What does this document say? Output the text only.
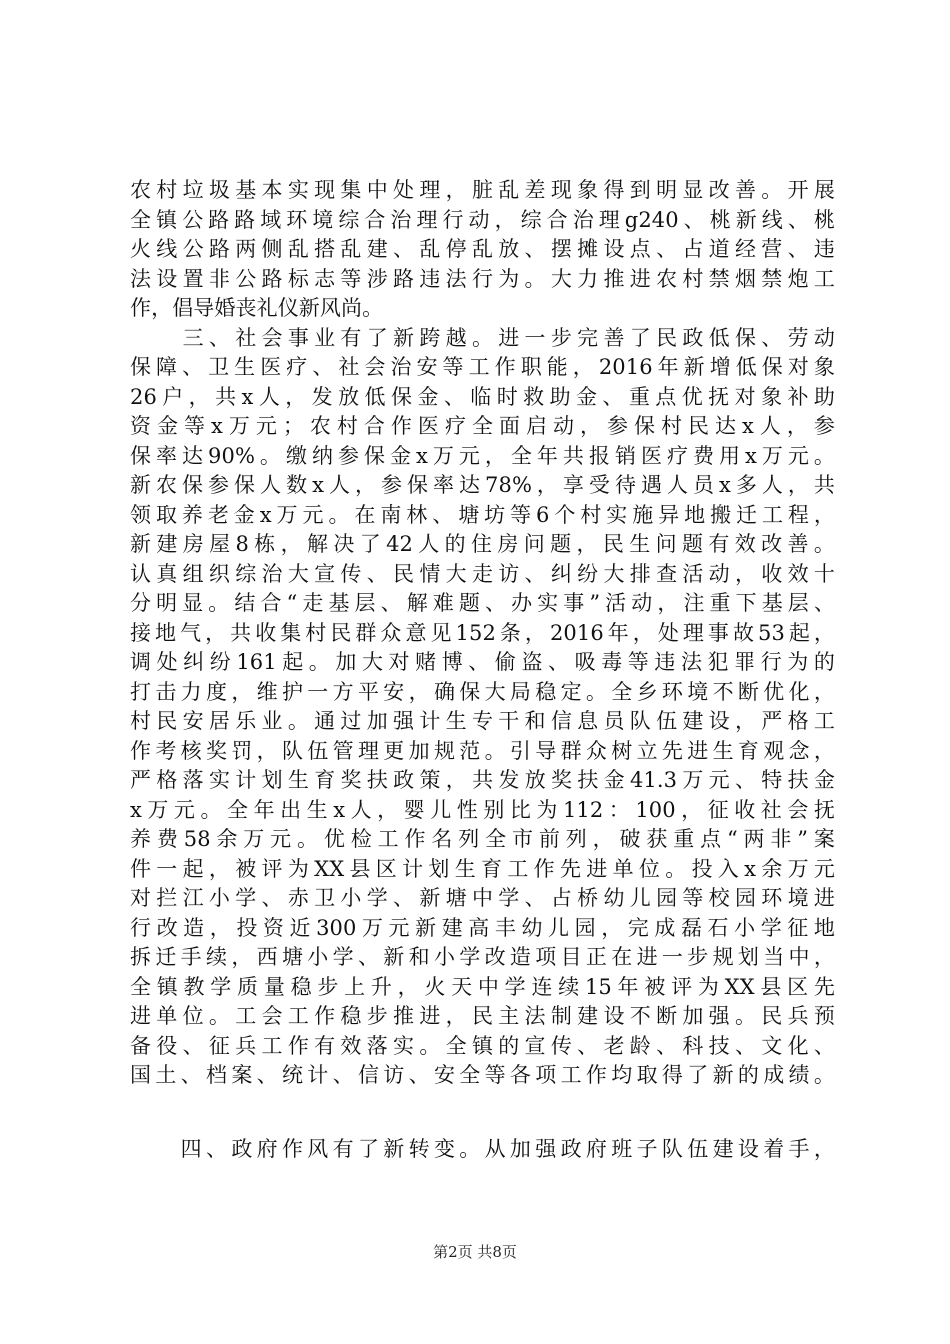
农村垃圾基本实现集中处理，脏乱差现象得到明显改善。开展
全镇公路路域环境综合治理行动，综合治理g240、桃新线、桃
火线公路两侧乱搭乱建、乱停乱放、摆摊设点、占道经营、违
法设置非公路标志等涉路违法行为。大力推进农村禁烟禁炮工
作，倡导婚丧礼仪新风尚。
　　三、社会事业有了新跨越。进一步完善了民政低保、劳动
保障、卫生医疗、社会治安等工作职能，2016年新增低保对象
26户，共x人，发放低保金、临时救助金、重点优抚对象补助
资金等x万元；农村合作医疗全面启动，参保村民达x人，参
保率达90%。缴纳参保金x万元，全年共报销医疗费用x万元。
新农保参保人数x人，参保率达78%，享受待遇人员x多人，共
领取养老金x万元。在南林、塘坊等6个村实施异地搬迁工程，
新建房屋8栋，解决了42人的住房问题，民生问题有效改善。
认真组织综治大宣传、民情大走访、纠纷大排查活动，收效十
分明显。结合“走基层、解难题、办实事”活动，注重下基层、
接地气，共收集村民群众意见152条，2016年，处理事故53起，
调处纠纷161起。加大对赌博、偷盗、吸毒等违法犯罪行为的
打击力度，维护一方平安，确保大局稳定。全乡环境不断优化，
村民安居乐业。通过加强计生专干和信息员队伍建设，严格工
作考核奖罚，队伍管理更加规范。引导群众树立先进生育观念，
严格落实计划生育奖扶政策，共发放奖扶金41.3万元、特扶金
x万元。全年出生x人，婴儿性别比为112：100，征收社会抚
养费58余万元。优检工作名列全市前列，破获重点“两非”案
件一起，被评为XX县区计划生育工作先进单位。投入x余万元
对拦江小学、赤卫小学、新塘中学、占桥幼儿园等校园环境进
行改造，投资近300万元新建高丰幼儿园，完成磊石小学征地
拆迁手续，西塘小学、新和小学改造项目正在进一步规划当中，
全镇教学质量稳步上升，火天中学连续15年被评为XX县区先
进单位。工会工作稳步推进，民主法制建设不断加强。民兵预
备役、征兵工作有效落实。全镇的宣传、老龄、科技、文化、
国土、档案、统计、信访、安全等各项工作均取得了新的成绩。
　　四、政府作风有了新转变。从加强政府班子队伍建设着手，
第2页 共8页
